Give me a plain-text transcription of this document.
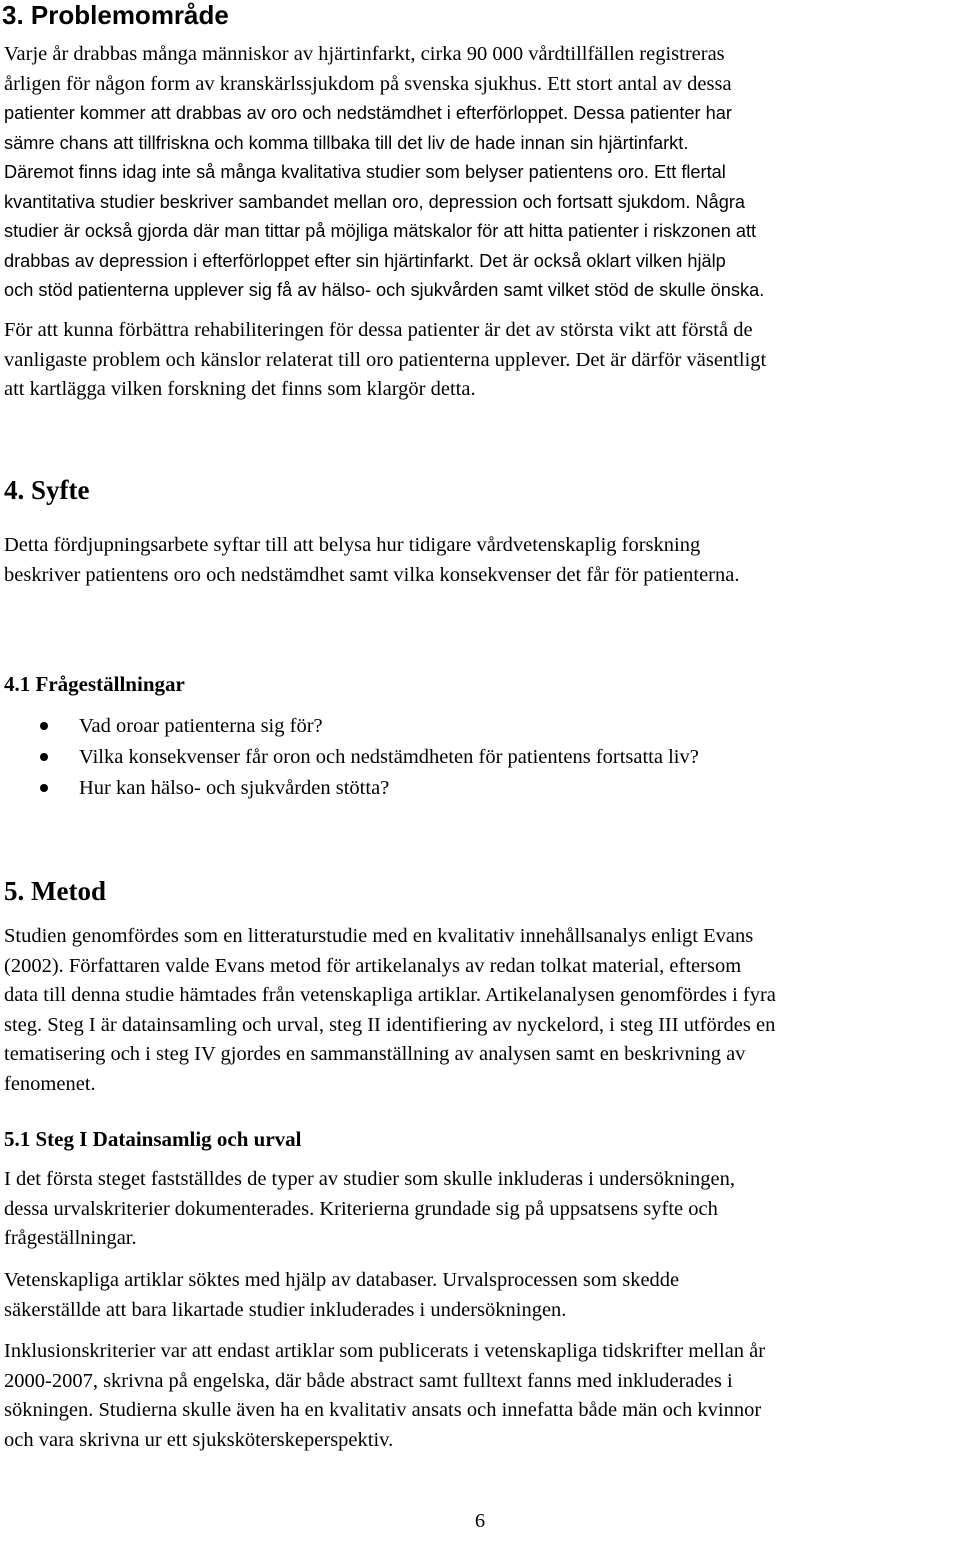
3. Problemområde

Varje år drabbas många människor av hjärtinfarkt, cirka 90 000 vårdtillfällen registreras
årligen för någon form av kranskärlssjukdom på svenska sjukhus. Ett stort antal av dessa
patienter kommer att drabbas av oro och nedstämdhet i efterförloppet. Dessa patienter har
sämre chans att tillfriskna och komma tillbaka till det liv de hade innan sin hjärtinfarkt.
Däremot finns idag inte så många kvalitativa studier som belyser patientens oro. Ett flertal
kvantitativa studier beskriver sambandet mellan oro, depression och fortsatt sjukdom. Några
studier är också gjorda där man tittar på möjliga mätskalor för att hitta patienter i riskzonen att
drabbas av depression i efterförloppet efter sin hjärtinfarkt. Det är också oklart vilken hjälp
och stöd patienterna upplever sig få av hälso- och sjukvården samt vilket stöd de skulle önska.

För att kunna förbättra rehabiliteringen för dessa patienter är det av största vikt att förstå de
vanligaste problem och känslor relaterat till oro patienterna upplever. Det är därför väsentligt
att kartlägga vilken forskning det finns som klargör detta.

4. Syfte

Detta fördjupningsarbete syftar till att belysa hur tidigare vårdvetenskaplig forskning
beskriver patientens oro och nedstämdhet samt vilka konsekvenser det får för patienterna.

4.1 Frågeställningar
Vad oroar patienterna sig för?
Vilka konsekvenser får oron och nedstämdheten för patientens fortsatta liv?
Hur kan hälso- och sjukvården stötta?
5. Metod

Studien genomfördes som en litteraturstudie med en kvalitativ innehållsanalys enligt Evans
(2002). Författaren valde Evans metod för artikelanalys av redan tolkat material, eftersom
data till denna studie hämtades från vetenskapliga artiklar. Artikelanalysen genomfördes i fyra
steg. Steg I är datainsamling och urval, steg II identifiering av nyckelord, i steg III utfördes en
tematisering och i steg IV gjordes en sammanställning av analysen samt en beskrivning av
fenomenet.

5.1 Steg I Datainsamlig och urval

I det första steget fastställdes de typer av studier som skulle inkluderas i undersökningen,
dessa urvalskriterier dokumenterades. Kriterierna grundade sig på uppsatsens syfte och
frågeställningar.

Vetenskapliga artiklar söktes med hjälp av databaser. Urvalsprocessen som skedde
säkerställde att bara likartade studier inkluderades i undersökningen.

Inklusionskriterier var att endast artiklar som publicerats i vetenskapliga tidskrifter mellan år
2000-2007, skrivna på engelska, där både abstract samt fulltext fanns med inkluderades i
sökningen. Studierna skulle även ha en kvalitativ ansats och innefatta både män och kvinnor
och vara skrivna ur ett sjuksköterskeperspektiv.

6
